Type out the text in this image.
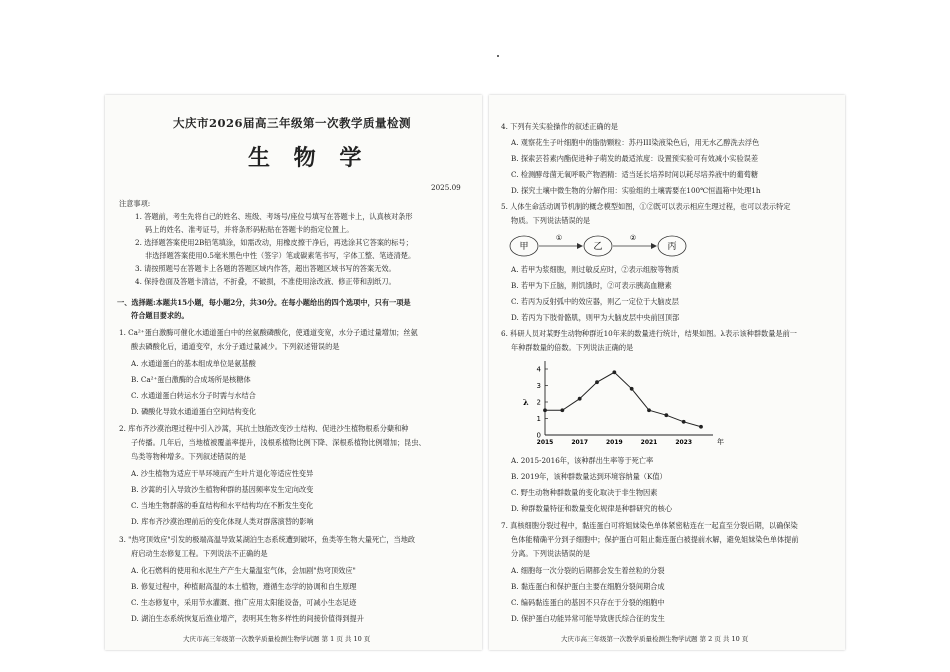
大庆市2026届高三年级第一次教学质量检测
生 物 学
2025.09
注意事项:
1. 答题前，考生先将自己的姓名、班级、考场号/座位号填写在答题卡上，认真核对条形
码上的姓名、准考证号，并将条形码粘贴在答题卡的指定位置上。
2. 选择题答案使用2B铅笔填涂，如需改动，用橡皮擦干净后，再选涂其它答案的标号；
非选择题答案使用0.5毫米黑色中性（签字）笔或碳素笔书写，字体工整、笔迹清楚。
3. 请按照题号在答题卡上各题的答题区域内作答，超出答题区域书写的答案无效。
4. 保持卷面及答题卡清洁，不折叠，不破损，不准使用涂改液、修正带和刮纸刀。
一、选择题:本题共15小题，每小题2分，共30分。在每小题给出的四个选项中，只有一项是
符合题目要求的。
1. Ca²⁺蛋白激酶可催化水通道蛋白中的丝氨酸磷酸化，使通道变宽，水分子通过量增加；丝氨
酸去磷酸化后，通道变窄，水分子通过量减少。下列叙述错误的是
A. 水通道蛋白的基本组成单位是氨基酸
B. Ca²⁺蛋白激酶的合成场所是核糖体
C. 水通道蛋白转运水分子时需与水结合
D. 磷酸化导致水通道蛋白空间结构变化
2. 库布齐沙漠治理过程中引入沙蒿，其抗土蚀能改变沙土结构、促进沙生植物根系分蘖和种
子传播。几年后，当地植被覆盖率提升，浅根系植物比例下降、深根系植物比例增加；昆虫、
鸟类等物种增多。下列叙述错误的是
A. 沙生植物为适应干旱环境而产生叶片退化等适应性变异
B. 沙蒿的引入导致沙生植物种群的基因频率发生定向改变
C. 当地生物群落的垂直结构和水平结构均在不断发生变化
D. 库布齐沙漠治理前后的变化体现人类对群落演替的影响
3. "热穹顶效应"引发的极端高温导致某湖泊生态系统遭到破坏，鱼类等生物大量死亡，当地政
府启动生态修复工程。下列说法不正确的是
A. 化石燃料的使用和水泥生产产生大量温室气体，会加剧"热穹顶效应"
B. 修复过程中，种植耐高温的本土植物，遵循生态学的协调和自生原理
C. 生态修复中，采用节水灌溉、推广应用太阳能设备，可减小生态足迹
D. 湖泊生态系统恢复后渔业增产，表明其生物多样性的间接价值得到提升
大庆市高三年级第一次教学质量检测生物学试题 第 1 页 共 10 页
4. 下列有关实验操作的叙述正确的是
A. 观察花生子叶细胞中的脂肪颗粒：苏丹III染液染色后，用无水乙醇洗去浮色
B. 探索芸苔素内酯促进种子萌发的最适浓度：设置预实验可有效减小实验误差
C. 检测酵母菌无氧呼吸产物酒精：适当延长培养时间以耗尽培养液中的葡萄糖
D. 探究土壤中微生物的分解作用：实验组的土壤需要在100℃恒温箱中处理1h
5. 人体生命活动调节机制的概念模型如图，①②既可以表示相应生理过程，也可以表示特定
物质。下列说法错误的是
甲
①
乙
②
丙
A. 若甲为浆细胞，则过敏反应时，②表示组胺等物质
B. 若甲为下丘脑，则饥饿时，②可表示胰高血糖素
C. 若丙为反射弧中的效应器，则乙一定位于大脑皮层
D. 若丙为下肢骨骼肌，则甲为大脑皮层中央前回顶部
6. 科研人员对某野生动物种群近10年来的数量进行统计，结果如图。λ表示该种群数量是前一
年种群数量的倍数。下列说法正确的是
0
1
2
3
4
λ
2015	2017	2019	2021	2023	年
A. 2015-2016年，该种群出生率等于死亡率
B. 2019年，该种群数量达到环境容纳量（K值）
C. 野生动物种群数量的变化取决于非生物因素
D. 种群数量特征和数量变化规律是种群研究的核心
7. 真核细胞分裂过程中，黏连蛋白可将姐妹染色单体紧密粘连在一起直至分裂后期，以确保染
色体能精确平分到子细胞中；保护蛋白可阻止黏连蛋白被提前水解，避免姐妹染色单体提前
分离。下列说法错误的是
A. 细胞每一次分裂的后期都会发生着丝粒的分裂
B. 黏连蛋白和保护蛋白主要在细胞分裂间期合成
C. 编码黏连蛋白的基因不只存在于分裂的细胞中
D. 保护蛋白功能异常可能导致唐氏综合征的发生
大庆市高三年级第一次教学质量检测生物学试题 第 2 页 共 10 页
